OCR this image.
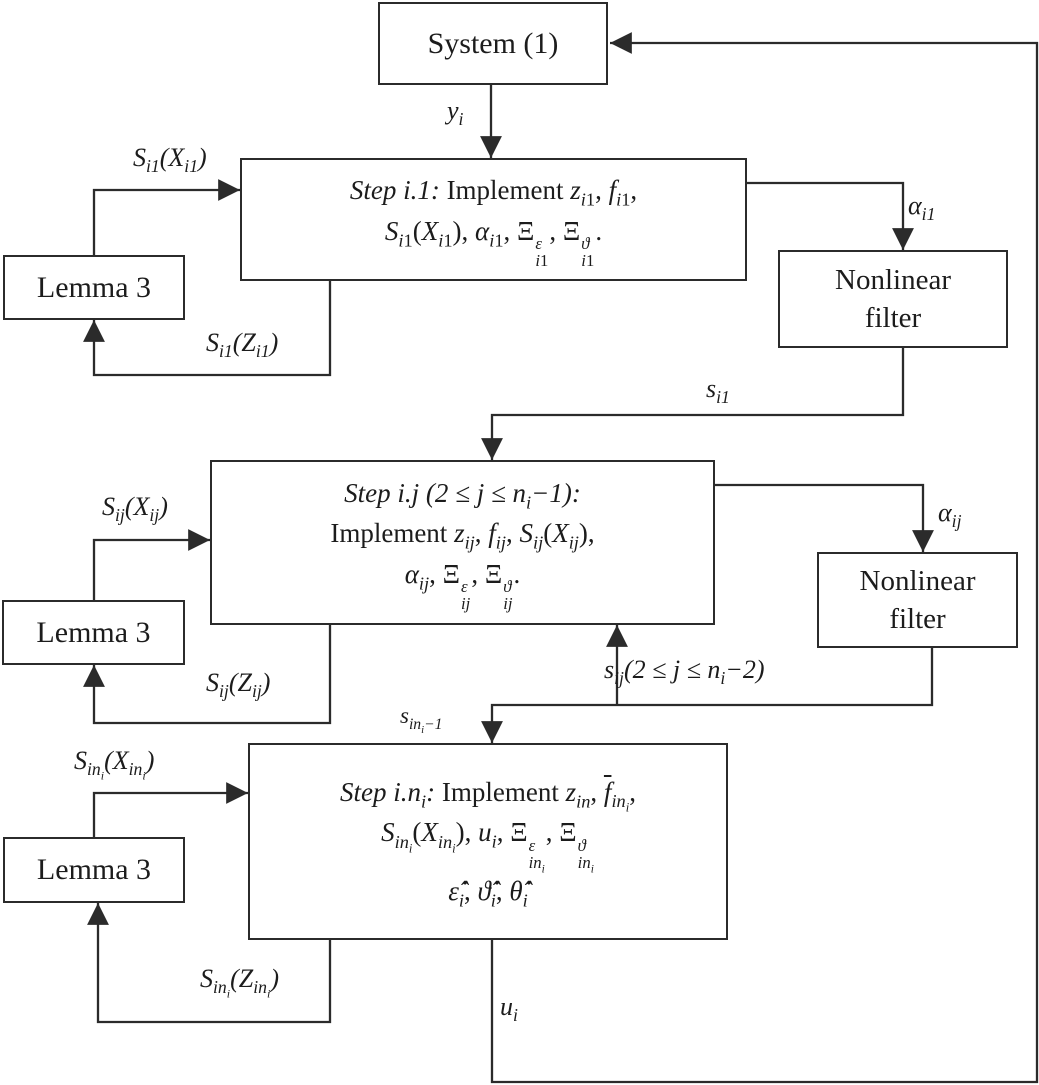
System (1)
Step i.1: Implement $z_{i1}$, $f_{i1}$,
$S_{i1}(X_{i1})$, $\alpha_{i1}$, Ξ ε
i1
, Ξ ϑ
i1
.
Nonlinear
filter
Lemma 3
Step i.j $(2 \le j \le n_i-1)$:
Implement $z_{ij}$, $f_{ij}$, $S_{ij}(X_{ij})$,
$\alpha_{ij}$, Ξ ε
ij
, Ξ ϑ
ij
.
Lemma 3
Nonlinear
filter
Step $i.n_i$: Implement $z_{in}$, $\overline{f}_{in_i}$,
$S_{in_i}(X_{in_i})$, $u_i$, Ξ ε
$in_i$
, Ξ ϑ
$in_i$
$\varepsilon̂̇_i$, $ϑ̂̇_i$, $\thetâ̇_i$
Lemma 3
$y_i$
$S_{i1}(X_{i1})$
$\alpha_{i1}$
$S_{i1}(Z_{i1})$
$s_{i1}$
$S_{ij}(X_{ij})$	$\alpha_{ij}$
$S_{ij}(Z_{ij})$	$s_{ij}(2 \le j \le n_i-2)$
$s_{in_i-1}$
$S_{in_i}(X_{in_i})$
$S_{in_i}(Z_{in_i})$
$u_i$
